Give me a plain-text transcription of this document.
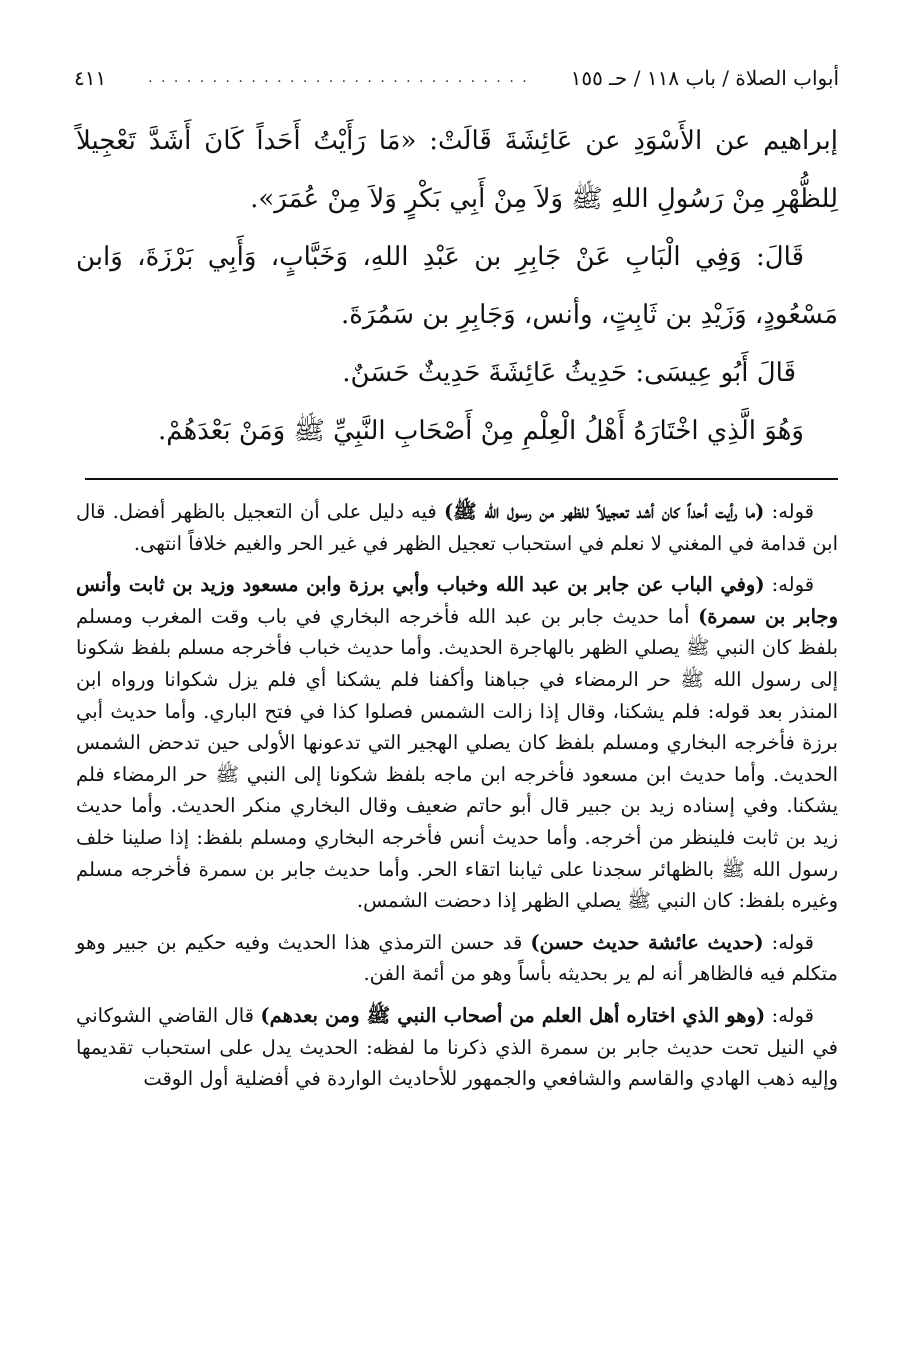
أبواب الصلاة / باب ١١٨ / حـ ١٥٥
. . . . . . . . . . . . . . . . . . . . . . . . . . . . . .
٤١١

إبراهيم عن الأَسْوَدِ عن عَائِشَةَ قَالَتْ: «مَا رَأَيْتُ أَحَداً كَانَ أَشَدَّ تَعْجِيلاً لِلظُّهْرِ مِنْ رَسُولِ اللهِ ﷺ وَلاَ مِنْ أَبِي بَكْرٍ وَلاَ مِنْ عُمَرَ».

قَالَ: وَفِي الْبَابِ عَنْ جَابِرِ بن عَبْدِ اللهِ، وَخَبَّابٍ، وَأَبِي بَرْزَةَ، وَابن مَسْعُودٍ، وَزَيْدِ بن ثَابِتٍ، وأنس، وَجَابِرِ بن سَمُرَةَ.

قَالَ أَبُو عِيسَى: حَدِيثُ عَائِشَةَ حَدِيثٌ حَسَنٌ.

وَهُوَ الَّذِي اخْتَارَهُ أَهْلُ الْعِلْمِ مِنْ أَصْحَابِ النَّبِيِّ ﷺ وَمَنْ بَعْدَهُمْ.

قوله: (ما رأيت أحداً كان أشد تعجيلاً للظهر من رسول الله ﷺ) فيه دليل على أن التعجيل بالظهر أفضل. قال ابن قدامة في المغني لا نعلم في استحباب تعجيل الظهر في غير الحر والغيم خلافاً انتهى.

قوله: (وفي الباب عن جابر بن عبد الله وخباب وأبي برزة وابن مسعود وزيد بن ثابت وأنس وجابر بن سمرة) أما حديث جابر بن عبد الله فأخرجه البخاري في باب وقت المغرب ومسلم بلفظ كان النبي ﷺ يصلي الظهر بالهاجرة الحديث. وأما حديث خباب فأخرجه مسلم بلفظ شكونا إلى رسول الله ﷺ حر الرمضاء في جباهنا وأكفنا فلم يشكنا أي فلم يزل شكوانا ورواه ابن المنذر بعد قوله: فلم يشكنا، وقال إذا زالت الشمس فصلوا كذا في فتح الباري. وأما حديث أبي برزة فأخرجه البخاري ومسلم بلفظ كان يصلي الهجير التي تدعونها الأولى حين تدحض الشمس الحديث. وأما حديث ابن مسعود فأخرجه ابن ماجه بلفظ شكونا إلى النبي ﷺ حر الرمضاء فلم يشكنا. وفي إسناده زيد بن جبير قال أبو حاتم ضعيف وقال البخاري منكر الحديث. وأما حديث زيد بن ثابت فلينظر من أخرجه. وأما حديث أنس فأخرجه البخاري ومسلم بلفظ: إذا صلينا خلف رسول الله ﷺ بالظهائر سجدنا على ثيابنا اتقاء الحر. وأما حديث جابر بن سمرة فأخرجه مسلم وغيره بلفظ: كان النبي ﷺ يصلي الظهر إذا دحضت الشمس.

قوله: (حديث عائشة حديث حسن) قد حسن الترمذي هذا الحديث وفيه حكيم بن جبير وهو متكلم فيه فالظاهر أنه لم ير بحديثه بأساً وهو من أئمة الفن.

قوله: (وهو الذي اختاره أهل العلم من أصحاب النبي ﷺ ومن بعدهم) قال القاضي الشوكاني في النيل تحت حديث جابر بن سمرة الذي ذكرنا ما لفظه: الحديث يدل على استحباب تقديمها وإليه ذهب الهادي والقاسم والشافعي والجمهور للأحاديث الواردة في أفضلية أول الوقت
